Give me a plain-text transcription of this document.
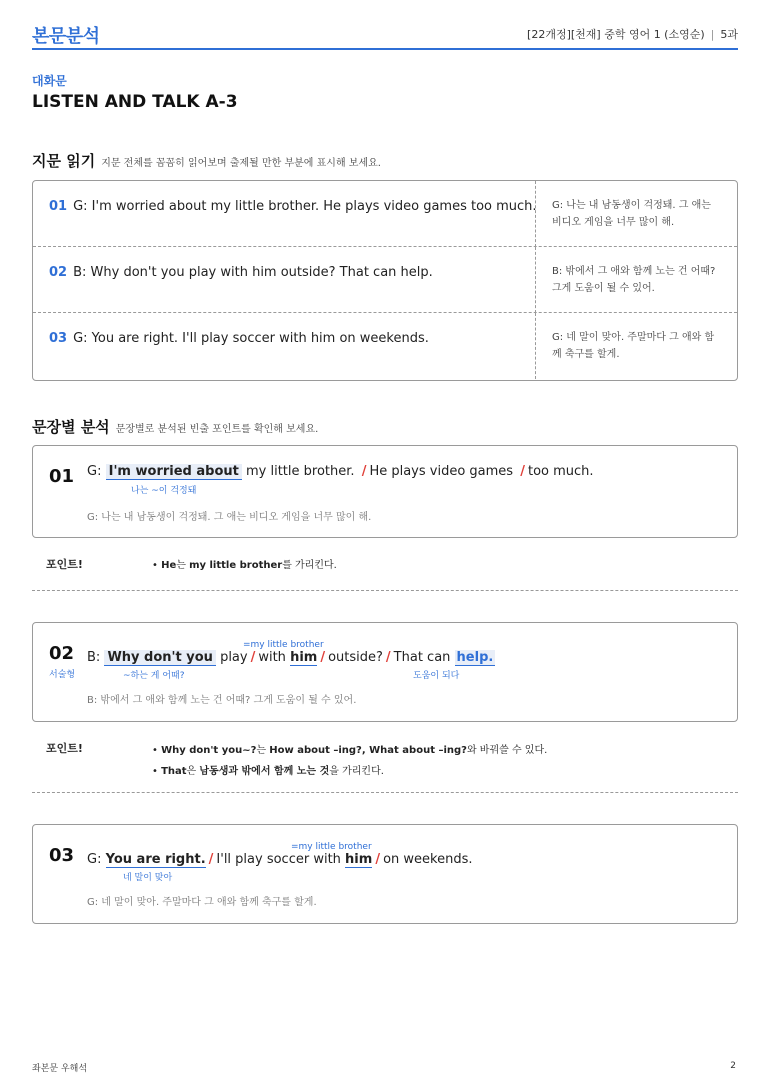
본문분석	[22개정][천재] 중학 영어 1 (소영순) | 5과
대화문
LISTEN AND TALK A-3
지문 읽기 지문 전체를 꼼꼼히 읽어보며 출제될 만한 부분에 표시해 보세요.
01 G: I'm worried about my little brother. He plays video games too much. G: 나는 내 남동생이 걱정돼. 그 애는
비디오 게임을 너무 많이 해.
02 B: Why don't you play with him outside? That can help.	B: 밖에서 그 애와 함께 노는 건 어때?
그게 도움이 될 수 있어.
03 G: You are right. I'll play soccer with him on weekends.	G: 네 말이 맞아. 주말마다 그 애와 함
께 축구를 할게.
문장별 분석 문장별로 분석된 빈출 포인트를 확인해 보세요.
01 G: I'm worried about my little brother. / He plays video games / too much.
나는 ~이 걱정돼
G: 나는 내 남동생이 걱정돼. 그 애는 비디오 게임을 너무 많이 해.
포인트!	• He는 my little brother를 가리킨다.
02
서술형
=my little brother
B: Why don't you play / with him / outside? / That can help.
~하는 게 어때?	도움이 되다
B: 밖에서 그 애와 함께 노는 건 어때? 그게 도움이 될 수 있어.
포인트!	• Why don't you~?는 How about –ing?, What about –ing?와 바꿔쓸 수 있다.
• That은 남동생과 밖에서 함께 노는 것을 가리킨다.
03	=my little brother
G: You are right. / I'll play soccer with him / on weekends.
네 말이 맞아
G: 네 말이 맞아. 주말마다 그 애와 함께 축구를 할게.
좌본문 우해석	2
